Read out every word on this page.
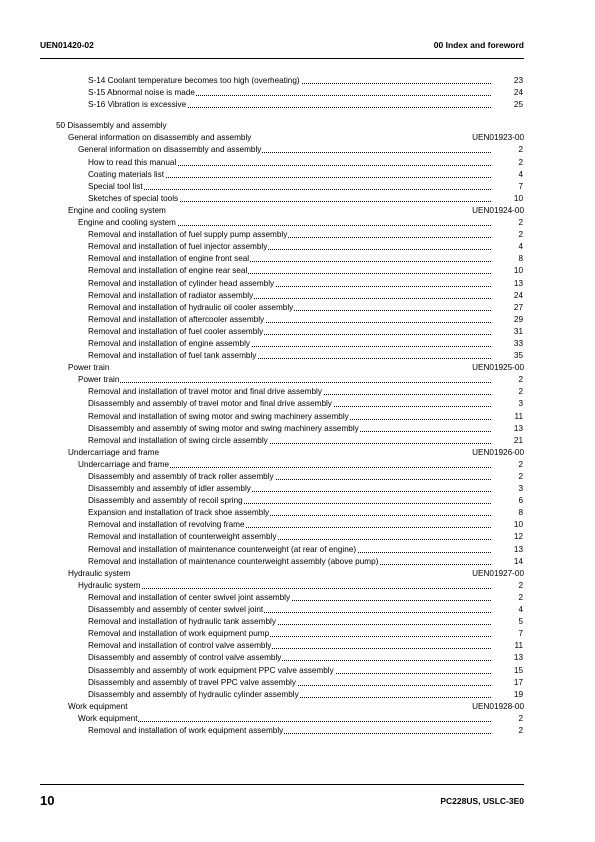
UEN01420-02	00 Index and foreword
S-14 Coolant temperature becomes too high (overheating)	23
S-15 Abnormal noise is made	24
S-16 Vibration is excessive	25
50 Disassembly and assembly
General information on disassembly and assembly	UEN01923-00
General information on disassembly and assembly	2
How to read this manual	2
Coating materials list	4
Special tool list	7
Sketches of special tools	10
Engine and cooling system	UEN01924-00
Engine and cooling system	2
Removal and installation of fuel supply pump assembly	2
Removal and installation of fuel injector assembly	4
Removal and installation of engine front seal	8
Removal and installation of engine rear seal	10
Removal and installation of cylinder head assembly	13
Removal and installation of radiator assembly	24
Removal and installation of hydraulic oil cooler assembly	27
Removal and installation of aftercooler assembly	29
Removal and installation of fuel cooler assembly	31
Removal and installation of engine assembly	33
Removal and installation of fuel tank assembly	35
Power train	UEN01925-00
Power train	2
Removal and installation of travel motor and final drive assembly	2
Disassembly and assembly of travel motor and final drive assembly	3
Removal and installation of swing motor and swing machinery assembly	11
Disassembly and assembly of swing motor and swing machinery assembly	13
Removal and installation of swing circle assembly	21
Undercarriage and frame	UEN01926-00
Undercarriage and frame	2
Disassembly and assembly of track roller assembly	2
Disassembly and assembly of idler assembly	3
Disassembly and assembly of recoil spring	6
Expansion and installation of track shoe assembly	8
Removal and installation of revolving frame	10
Removal and installation of counterweight assembly	12
Removal and installation of maintenance counterweight (at rear of engine)	13
Removal and installation of maintenance counterweight assembly (above pump)	14
Hydraulic system	UEN01927-00
Hydraulic system	2
Removal and installation of center swivel joint assembly	2
Disassembly and assembly of center swivel joint	4
Removal and installation of hydraulic tank assembly	5
Removal and installation of work equipment pump	7
Removal and installation of control valve assembly	11
Disassembly and assembly of control valve assembly	13
Disassembly and assembly of work equipment PPC valve assembly	15
Disassembly and assembly of travel PPC valve assembly	17
Disassembly and assembly of hydraulic cylinder assembly	19
Work equipment	UEN01928-00
Work equipment	2
Removal and installation of work equipment assembly	2
10	PC228US, USLC-3E0
